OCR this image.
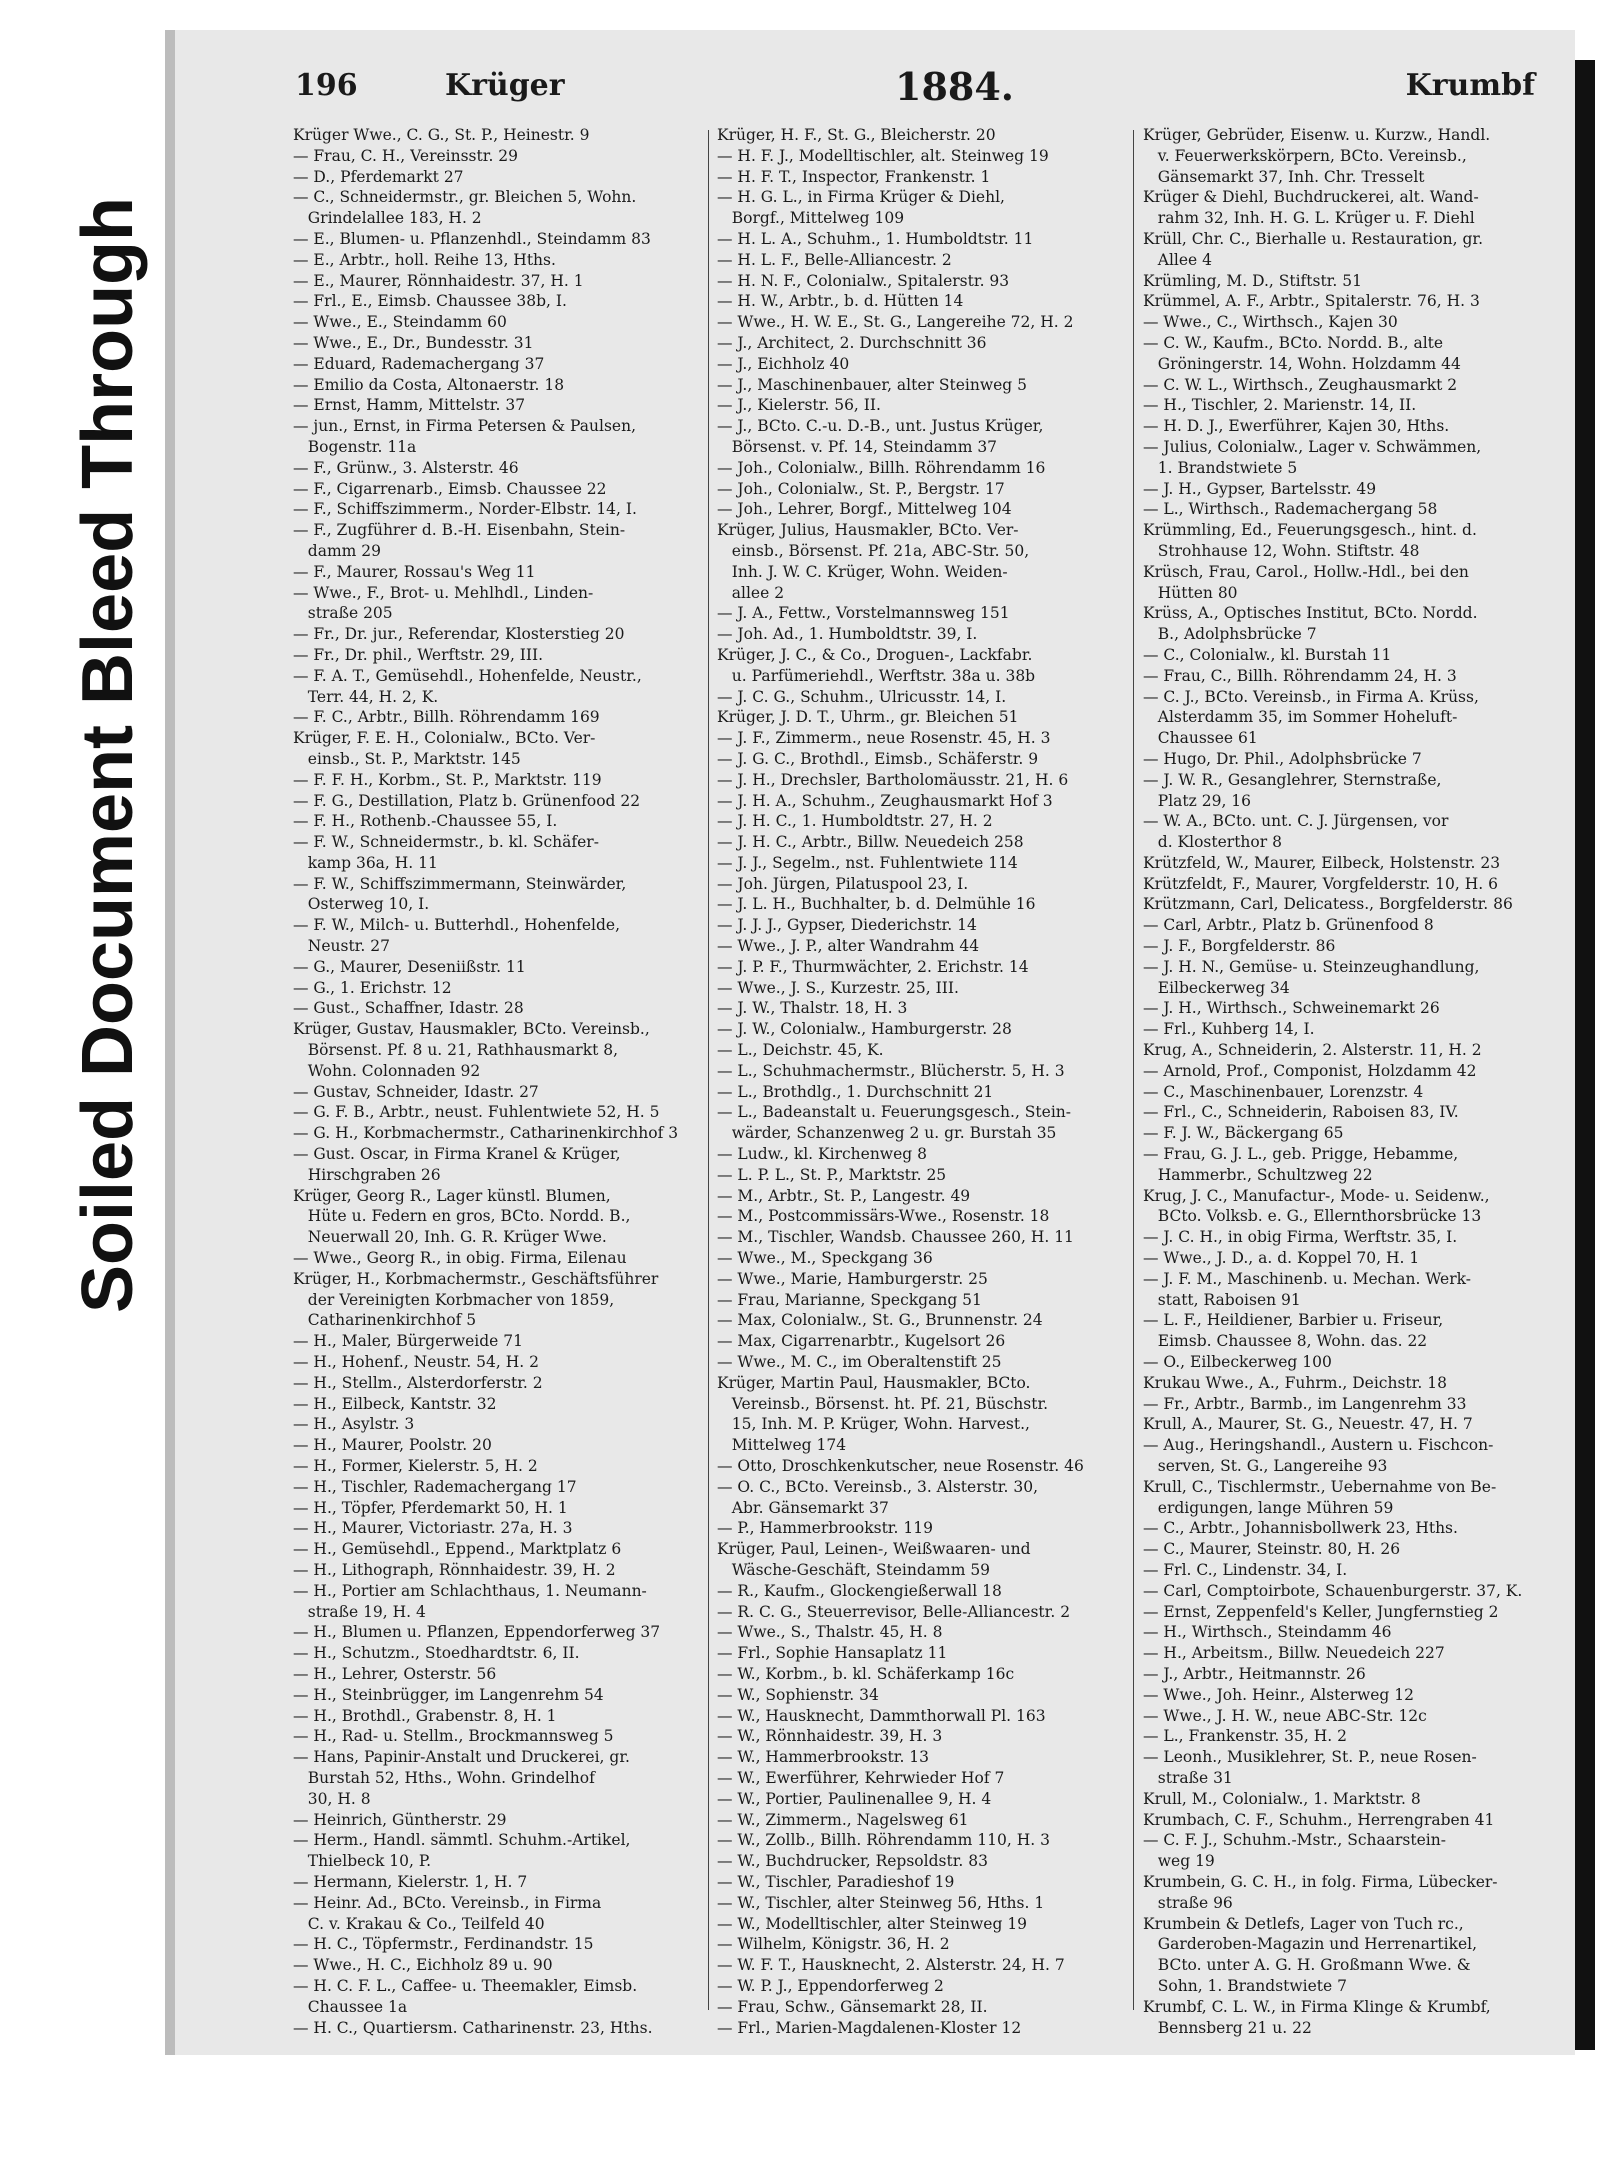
Soiled Document Bleed Through
196	Krüger	1884.	Krumbf

Krüger Wwe., C. G., St. P., Heinestr. 9

— Frau, C. H., Vereinsstr. 29

— D., Pferdemarkt 27

— C., Schneidermstr., gr. Bleichen 5, Wohn.

Grindelallee 183, H. 2

— E., Blumen- u. Pflanzenhdl., Steindamm 83

— E., Arbtr., holl. Reihe 13, Hths.

— E., Maurer, Rönnhaidestr. 37, H. 1

— Frl., E., Eimsb. Chaussee 38b, I.

— Wwe., E., Steindamm 60

— Wwe., E., Dr., Bundesstr. 31

— Eduard, Rademachergang 37

— Emilio da Costa, Altonaerstr. 18

— Ernst, Hamm, Mittelstr. 37

— jun., Ernst, in Firma Petersen & Paulsen,

Bogenstr. 11a

— F., Grünw., 3. Alsterstr. 46

— F., Cigarrenarb., Eimsb. Chaussee 22

— F., Schiffszimmerm., Norder-Elbstr. 14, I.

— F., Zugführer d. B.-H. Eisenbahn, Stein-

damm 29

— F., Maurer, Rossau's Weg 11

— Wwe., F., Brot- u. Mehlhdl., Linden-

straße 205

— Fr., Dr. jur., Referendar, Klosterstieg 20

— Fr., Dr. phil., Werftstr. 29, III.

— F. A. T., Gemüsehdl., Hohenfelde, Neustr.,

Terr. 44, H. 2, K.

— F. C., Arbtr., Billh. Röhrendamm 169

Krüger, F. E. H., Colonialw., BCto. Ver-

einsb., St. P., Marktstr. 145

— F. F. H., Korbm., St. P., Marktstr. 119

— F. G., Destillation, Platz b. Grünenfood 22

— F. H., Rothenb.-Chaussee 55, I.

— F. W., Schneidermstr., b. kl. Schäfer-

kamp 36a, H. 11

— F. W., Schiffszimmermann, Steinwärder,

Osterweg 10, I.

— F. W., Milch- u. Butterhdl., Hohenfelde,

Neustr. 27

— G., Maurer, Deseniißstr. 11

— G., 1. Erichstr. 12

— Gust., Schaffner, Idastr. 28

Krüger, Gustav, Hausmakler, BCto. Vereinsb.,

Börsenst. Pf. 8 u. 21, Rathhausmarkt 8,

Wohn. Colonnaden 92

— Gustav, Schneider, Idastr. 27

— G. F. B., Arbtr., neust. Fuhlentwiete 52, H. 5

— G. H., Korbmachermstr., Catharinenkirchhof 3

— Gust. Oscar, in Firma Kranel & Krüger,

Hirschgraben 26

Krüger, Georg R., Lager künstl. Blumen,

Hüte u. Federn en gros, BCto. Nordd. B.,

Neuerwall 20, Inh. G. R. Krüger Wwe.

— Wwe., Georg R., in obig. Firma, Eilenau

Krüger, H., Korbmachermstr., Geschäftsführer

der Vereinigten Korbmacher von 1859,

Catharinenkirchhof 5

— H., Maler, Bürgerweide 71

— H., Hohenf., Neustr. 54, H. 2

— H., Stellm., Alsterdorferstr. 2

— H., Eilbeck, Kantstr. 32

— H., Asylstr. 3

— H., Maurer, Poolstr. 20

— H., Former, Kielerstr. 5, H. 2

— H., Tischler, Rademachergang 17

— H., Töpfer, Pferdemarkt 50, H. 1

— H., Maurer, Victoriastr. 27a, H. 3

— H., Gemüsehdl., Eppend., Marktplatz 6

— H., Lithograph, Rönnhaidestr. 39, H. 2

— H., Portier am Schlachthaus, 1. Neumann-

straße 19, H. 4

— H., Blumen u. Pflanzen, Eppendorferweg 37

— H., Schutzm., Stoedhardtstr. 6, II.

— H., Lehrer, Osterstr. 56

— H., Steinbrügger, im Langenrehm 54

— H., Brothdl., Grabenstr. 8, H. 1

— H., Rad- u. Stellm., Brockmannsweg 5

— Hans, Papinir-Anstalt und Druckerei, gr.

Burstah 52, Hths., Wohn. Grindelhof

30, H. 8

— Heinrich, Güntherstr. 29

— Herm., Handl. sämmtl. Schuhm.-Artikel,

Thielbeck 10, P.

— Hermann, Kielerstr. 1, H. 7

— Heinr. Ad., BCto. Vereinsb., in Firma

C. v. Krakau & Co., Teilfeld 40

— H. C., Töpfermstr., Ferdinandstr. 15

— Wwe., H. C., Eichholz 89 u. 90

— H. C. F. L., Caffee- u. Theemakler, Eimsb.

Chaussee 1a

— H. C., Quartiersm. Catharinenstr. 23, Hths.

Krüger, H. F., St. G., Bleicherstr. 20

— H. F. J., Modelltischler, alt. Steinweg 19

— H. F. T., Inspector, Frankenstr. 1

— H. G. L., in Firma Krüger & Diehl,

Borgf., Mittelweg 109

— H. L. A., Schuhm., 1. Humboldtstr. 11

— H. L. F., Belle-Alliancestr. 2

— H. N. F., Colonialw., Spitalerstr. 93

— H. W., Arbtr., b. d. Hütten 14

— Wwe., H. W. E., St. G., Langereihe 72, H. 2

— J., Architect, 2. Durchschnitt 36

— J., Eichholz 40

— J., Maschinenbauer, alter Steinweg 5

— J., Kielerstr. 56, II.

— J., BCto. C.-u. D.-B., unt. Justus Krüger,

Börsenst. v. Pf. 14, Steindamm 37

— Joh., Colonialw., Billh. Röhrendamm 16

— Joh., Colonialw., St. P., Bergstr. 17

— Joh., Lehrer, Borgf., Mittelweg 104

Krüger, Julius, Hausmakler, BCto. Ver-

einsb., Börsenst. Pf. 21a, ABC-Str. 50,

Inh. J. W. C. Krüger, Wohn. Weiden-

allee 2

— J. A., Fettw., Vorstelmannsweg 151

— Joh. Ad., 1. Humboldtstr. 39, I.

Krüger, J. C., & Co., Droguen-, Lackfabr.

u. Parfümeriehdl., Werftstr. 38a u. 38b

— J. C. G., Schuhm., Ulricusstr. 14, I.

Krüger, J. D. T., Uhrm., gr. Bleichen 51

— J. F., Zimmerm., neue Rosenstr. 45, H. 3

— J. G. C., Brothdl., Eimsb., Schäferstr. 9

— J. H., Drechsler, Bartholomäusstr. 21, H. 6

— J. H. A., Schuhm., Zeughausmarkt Hof 3

— J. H. C., 1. Humboldtstr. 27, H. 2

— J. H. C., Arbtr., Billw. Neuedeich 258

— J. J., Segelm., nst. Fuhlentwiete 114

— Joh. Jürgen, Pilatuspool 23, I.

— J. L. H., Buchhalter, b. d. Delmühle 16

— J. J. J., Gypser, Diederichstr. 14

— Wwe., J. P., alter Wandrahm 44

— J. P. F., Thurmwächter, 2. Erichstr. 14

— Wwe., J. S., Kurzestr. 25, III.

— J. W., Thalstr. 18, H. 3

— J. W., Colonialw., Hamburgerstr. 28

— L., Deichstr. 45, K.

— L., Schuhmachermstr., Blücherstr. 5, H. 3

— L., Brothdlg., 1. Durchschnitt 21

— L., Badeanstalt u. Feuerungsgesch., Stein-

wärder, Schanzenweg 2 u. gr. Burstah 35

— Ludw., kl. Kirchenweg 8

— L. P. L., St. P., Marktstr. 25

— M., Arbtr., St. P., Langestr. 49

— M., Postcommissärs-Wwe., Rosenstr. 18

— M., Tischler, Wandsb. Chaussee 260, H. 11

— Wwe., M., Speckgang 36

— Wwe., Marie, Hamburgerstr. 25

— Frau, Marianne, Speckgang 51

— Max, Colonialw., St. G., Brunnenstr. 24

— Max, Cigarrenarbtr., Kugelsort 26

— Wwe., M. C., im Oberaltenstift 25

Krüger, Martin Paul, Hausmakler, BCto.

Vereinsb., Börsenst. ht. Pf. 21, Büschstr.

15, Inh. M. P. Krüger, Wohn. Harvest.,

Mittelweg 174

— Otto, Droschkenkutscher, neue Rosenstr. 46

— O. C., BCto. Vereinsb., 3. Alsterstr. 30,

Abr. Gänsemarkt 37

— P., Hammerbrookstr. 119

Krüger, Paul, Leinen-, Weißwaaren- und

Wäsche-Geschäft, Steindamm 59

— R., Kaufm., Glockengießerwall 18

— R. C. G., Steuerrevisor, Belle-Alliancestr. 2

— Wwe., S., Thalstr. 45, H. 8

— Frl., Sophie Hansaplatz 11

— W., Korbm., b. kl. Schäferkamp 16c

— W., Sophienstr. 34

— W., Hausknecht, Dammthorwall Pl. 163

— W., Rönnhaidestr. 39, H. 3

— W., Hammerbrookstr. 13

— W., Ewerführer, Kehrwieder Hof 7

— W., Portier, Paulinenallee 9, H. 4

— W., Zimmerm., Nagelsweg 61

— W., Zollb., Billh. Röhrendamm 110, H. 3

— W., Buchdrucker, Repsoldstr. 83

— W., Tischler, Paradieshof 19

— W., Tischler, alter Steinweg 56, Hths. 1

— W., Modelltischler, alter Steinweg 19

— Wilhelm, Königstr. 36, H. 2

— W. F. T., Hausknecht, 2. Alsterstr. 24, H. 7

— W. P. J., Eppendorferweg 2

— Frau, Schw., Gänsemarkt 28, II.

— Frl., Marien-Magdalenen-Kloster 12

Krüger, Gebrüder, Eisenw. u. Kurzw., Handl.

v. Feuerwerkskörpern, BCto. Vereinsb.,

Gänsemarkt 37, Inh. Chr. Tresselt

Krüger & Diehl, Buchdruckerei, alt. Wand-

rahm 32, Inh. H. G. L. Krüger u. F. Diehl

Krüll, Chr. C., Bierhalle u. Restauration, gr.

Allee 4

Krümling, M. D., Stiftstr. 51

Krümmel, A. F., Arbtr., Spitalerstr. 76, H. 3

— Wwe., C., Wirthsch., Kajen 30

— C. W., Kaufm., BCto. Nordd. B., alte

Gröningerstr. 14, Wohn. Holzdamm 44

— C. W. L., Wirthsch., Zeughausmarkt 2

— H., Tischler, 2. Marienstr. 14, II.

— H. D. J., Ewerführer, Kajen 30, Hths.

— Julius, Colonialw., Lager v. Schwämmen,

1. Brandstwiete 5

— J. H., Gypser, Bartelsstr. 49

— L., Wirthsch., Rademachergang 58

Krümmling, Ed., Feuerungsgesch., hint. d.

Strohhause 12, Wohn. Stiftstr. 48

Krüsch, Frau, Carol., Hollw.-Hdl., bei den

Hütten 80

Krüss, A., Optisches Institut, BCto. Nordd.

B., Adolphsbrücke 7

— C., Colonialw., kl. Burstah 11

— Frau, C., Billh. Röhrendamm 24, H. 3

— C. J., BCto. Vereinsb., in Firma A. Krüss,

Alsterdamm 35, im Sommer Hoheluft-

Chaussee 61

— Hugo, Dr. Phil., Adolphsbrücke 7

— J. W. R., Gesanglehrer, Sternstraße,

Platz 29, 16

— W. A., BCto. unt. C. J. Jürgensen, vor

d. Klosterthor 8

Krützfeld, W., Maurer, Eilbeck, Holstenstr. 23

Krützfeldt, F., Maurer, Vorgfelderstr. 10, H. 6

Krützmann, Carl, Delicatess., Borgfelderstr. 86

— Carl, Arbtr., Platz b. Grünenfood 8

— J. F., Borgfelderstr. 86

— J. H. N., Gemüse- u. Steinzeughandlung,

Eilbeckerweg 34

— J. H., Wirthsch., Schweinemarkt 26

— Frl., Kuhberg 14, I.

Krug, A., Schneiderin, 2. Alsterstr. 11, H. 2

— Arnold, Prof., Componist, Holzdamm 42

— C., Maschinenbauer, Lorenzstr. 4

— Frl., C., Schneiderin, Raboisen 83, IV.

— F. J. W., Bäckergang 65

— Frau, G. J. L., geb. Prigge, Hebamme,

Hammerbr., Schultzweg 22

Krug, J. C., Manufactur-, Mode- u. Seidenw.,

BCto. Volksb. e. G., Ellernthorsbrücke 13

— J. C. H., in obig Firma, Werftstr. 35, I.

— Wwe., J. D., a. d. Koppel 70, H. 1

— J. F. M., Maschinenb. u. Mechan. Werk-

statt, Raboisen 91

— L. F., Heildiener, Barbier u. Friseur,

Eimsb. Chaussee 8, Wohn. das. 22

— O., Eilbeckerweg 100

Krukau Wwe., A., Fuhrm., Deichstr. 18

— Fr., Arbtr., Barmb., im Langenrehm 33

Krull, A., Maurer, St. G., Neuestr. 47, H. 7

— Aug., Heringshandl., Austern u. Fischcon-

serven, St. G., Langereihe 93

Krull, C., Tischlermstr., Uebernahme von Be-

erdigungen, lange Mühren 59

— C., Arbtr., Johannisbollwerk 23, Hths.

— C., Maurer, Steinstr. 80, H. 26

— Frl. C., Lindenstr. 34, I.

— Carl, Comptoirbote, Schauenburgerstr. 37, K.

— Ernst, Zeppenfeld's Keller, Jungfernstieg 2

— H., Wirthsch., Steindamm 46

— H., Arbeitsm., Billw. Neuedeich 227

— J., Arbtr., Heitmannstr. 26

— Wwe., Joh. Heinr., Alsterweg 12

— Wwe., J. H. W., neue ABC-Str. 12c

— L., Frankenstr. 35, H. 2

— Leonh., Musiklehrer, St. P., neue Rosen-

straße 31

Krull, M., Colonialw., 1. Marktstr. 8

Krumbach, C. F., Schuhm., Herrengraben 41

— C. F. J., Schuhm.-Mstr., Schaarstein-

weg 19

Krumbein, G. C. H., in folg. Firma, Lübecker-

straße 96

Krumbein & Detlefs, Lager von Tuch rc.,

Garderoben-Magazin und Herrenartikel,

BCto. unter A. G. H. Großmann Wwe. &

Sohn, 1. Brandstwiete 7

Krumbf, C. L. W., in Firma Klinge & Krumbf,

Bennsberg 21 u. 22
